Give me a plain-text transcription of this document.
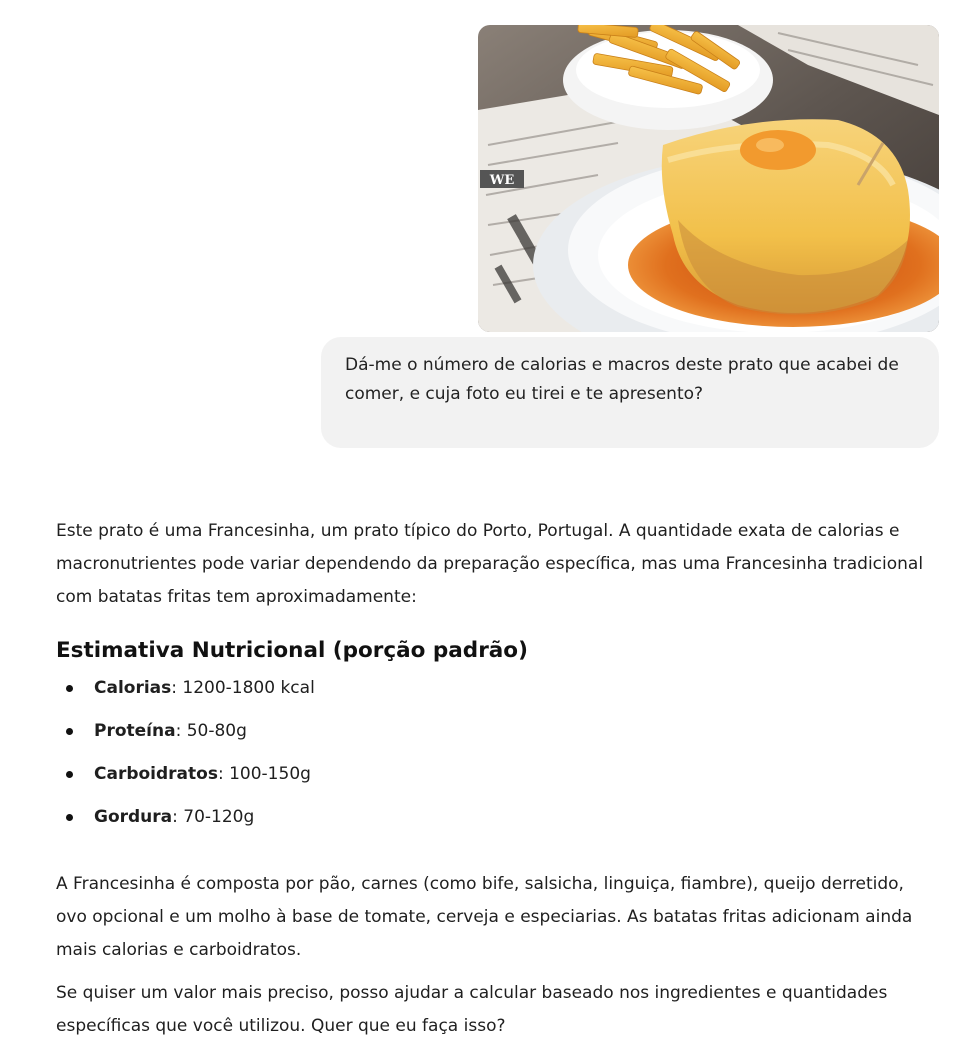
WE
Dá-me o número de calorias e macros deste prato que acabei de comer, e cuja foto eu tirei e te apresento?

Este prato é uma Francesinha, um prato típico do Porto, Portugal. A quantidade exata de calorias e macronutrientes pode variar dependendo da preparação específica, mas uma Francesinha tradicional com batatas fritas tem aproximadamente:

Estimativa Nutricional (porção padrão)
Calorias: 1200-1800 kcal
Proteína: 50-80g
Carboidratos: 100-150g
Gordura: 70-120g

A Francesinha é composta por pão, carnes (como bife, salsicha, linguiça, fiambre), queijo derretido, ovo opcional e um molho à base de tomate, cerveja e especiarias. As batatas fritas adicionam ainda mais calorias e carboidratos.

Se quiser um valor mais preciso, posso ajudar a calcular baseado nos ingredientes e quantidades específicas que você utilizou. Quer que eu faça isso?
